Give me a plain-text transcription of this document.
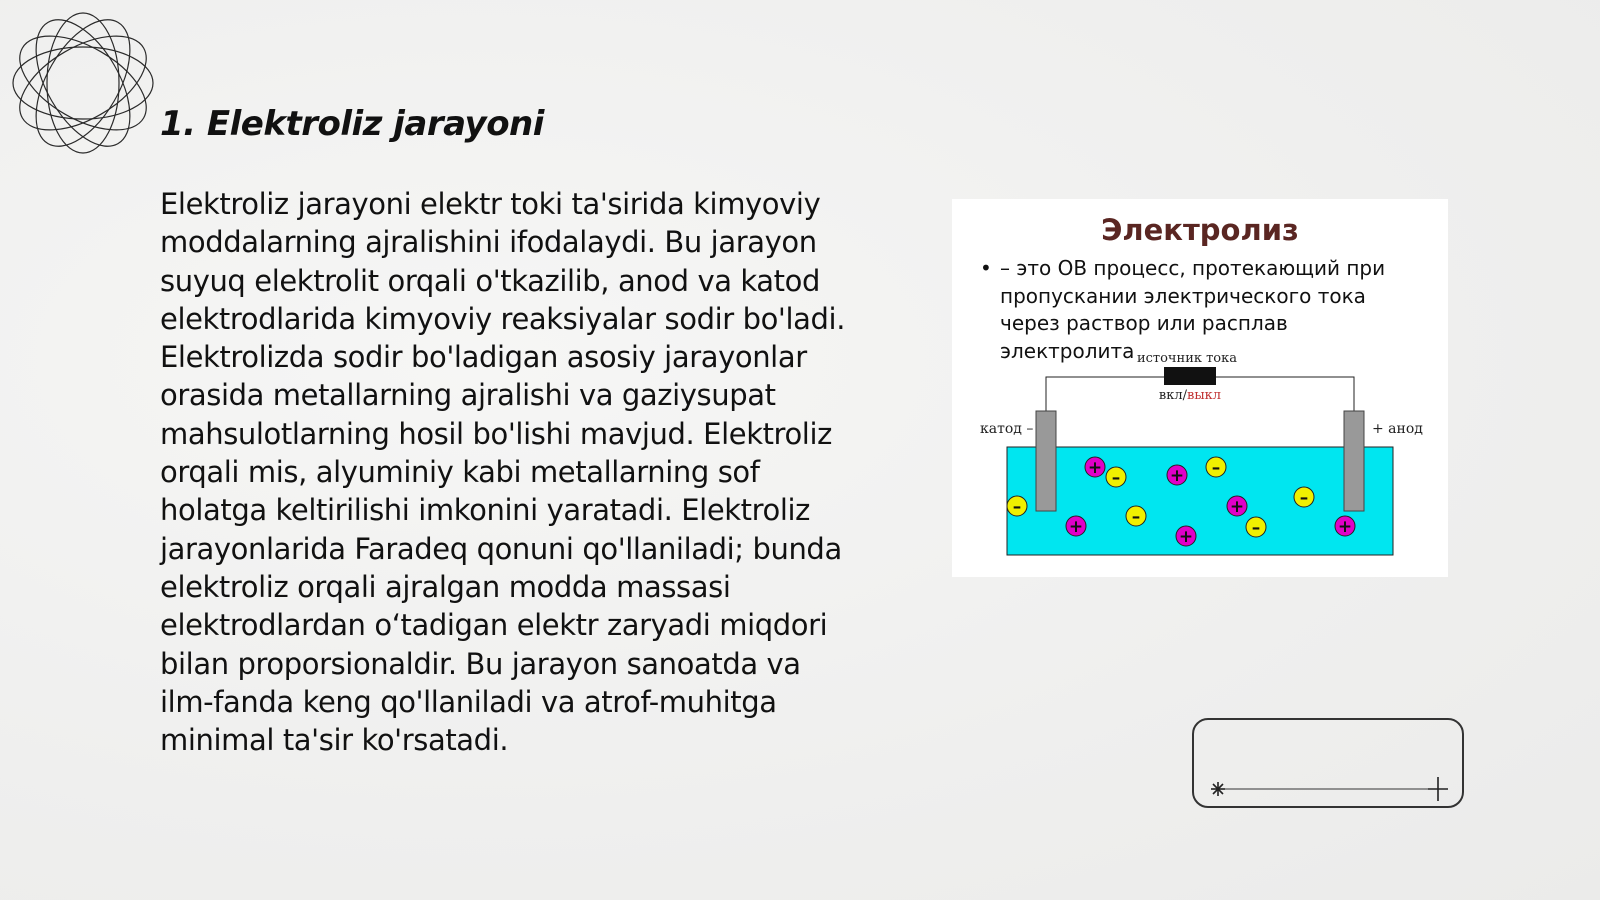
1. Elektroliz jarayoni

Elektroliz jarayoni elektr toki ta'sirida kimyoviy moddalarning ajralishini ifodalaydi. Bu jarayon suyuq elektrolit orqali o'tkazilib, anod va katod elektrodlarida kimyoviy reaksiyalar sodir bo'ladi. Elektrolizda sodir bo'ladigan asosiy jarayonlar orasida metallarning ajralishi va gaziysupat mahsulotlarning hosil bo'lishi mavjud. Elektroliz orqali mis, alyuminiy kabi metallarning sof holatga keltirilishi imkonini yaratadi. Elektroliz jarayonlarida Faradeq qonuni qo'llaniladi; bunda elektroliz orqali ajralgan modda massasi elektrodlardan o‘tadigan elektr zaryadi miqdori bilan proporsionaldir. Bu jarayon sanoatda va ilm-fanda keng qo'llaniladi va atrof-muhitga minimal ta'sir ko'rsatadi.

Электролиз
• – это ОВ процесс, протекающий при пропускании электрического тока через раствор или расплав электролита источник тока
вкл/выкл
катод –	+ анод
+	+
+
+	+	+
–	–
–	–
–
–
